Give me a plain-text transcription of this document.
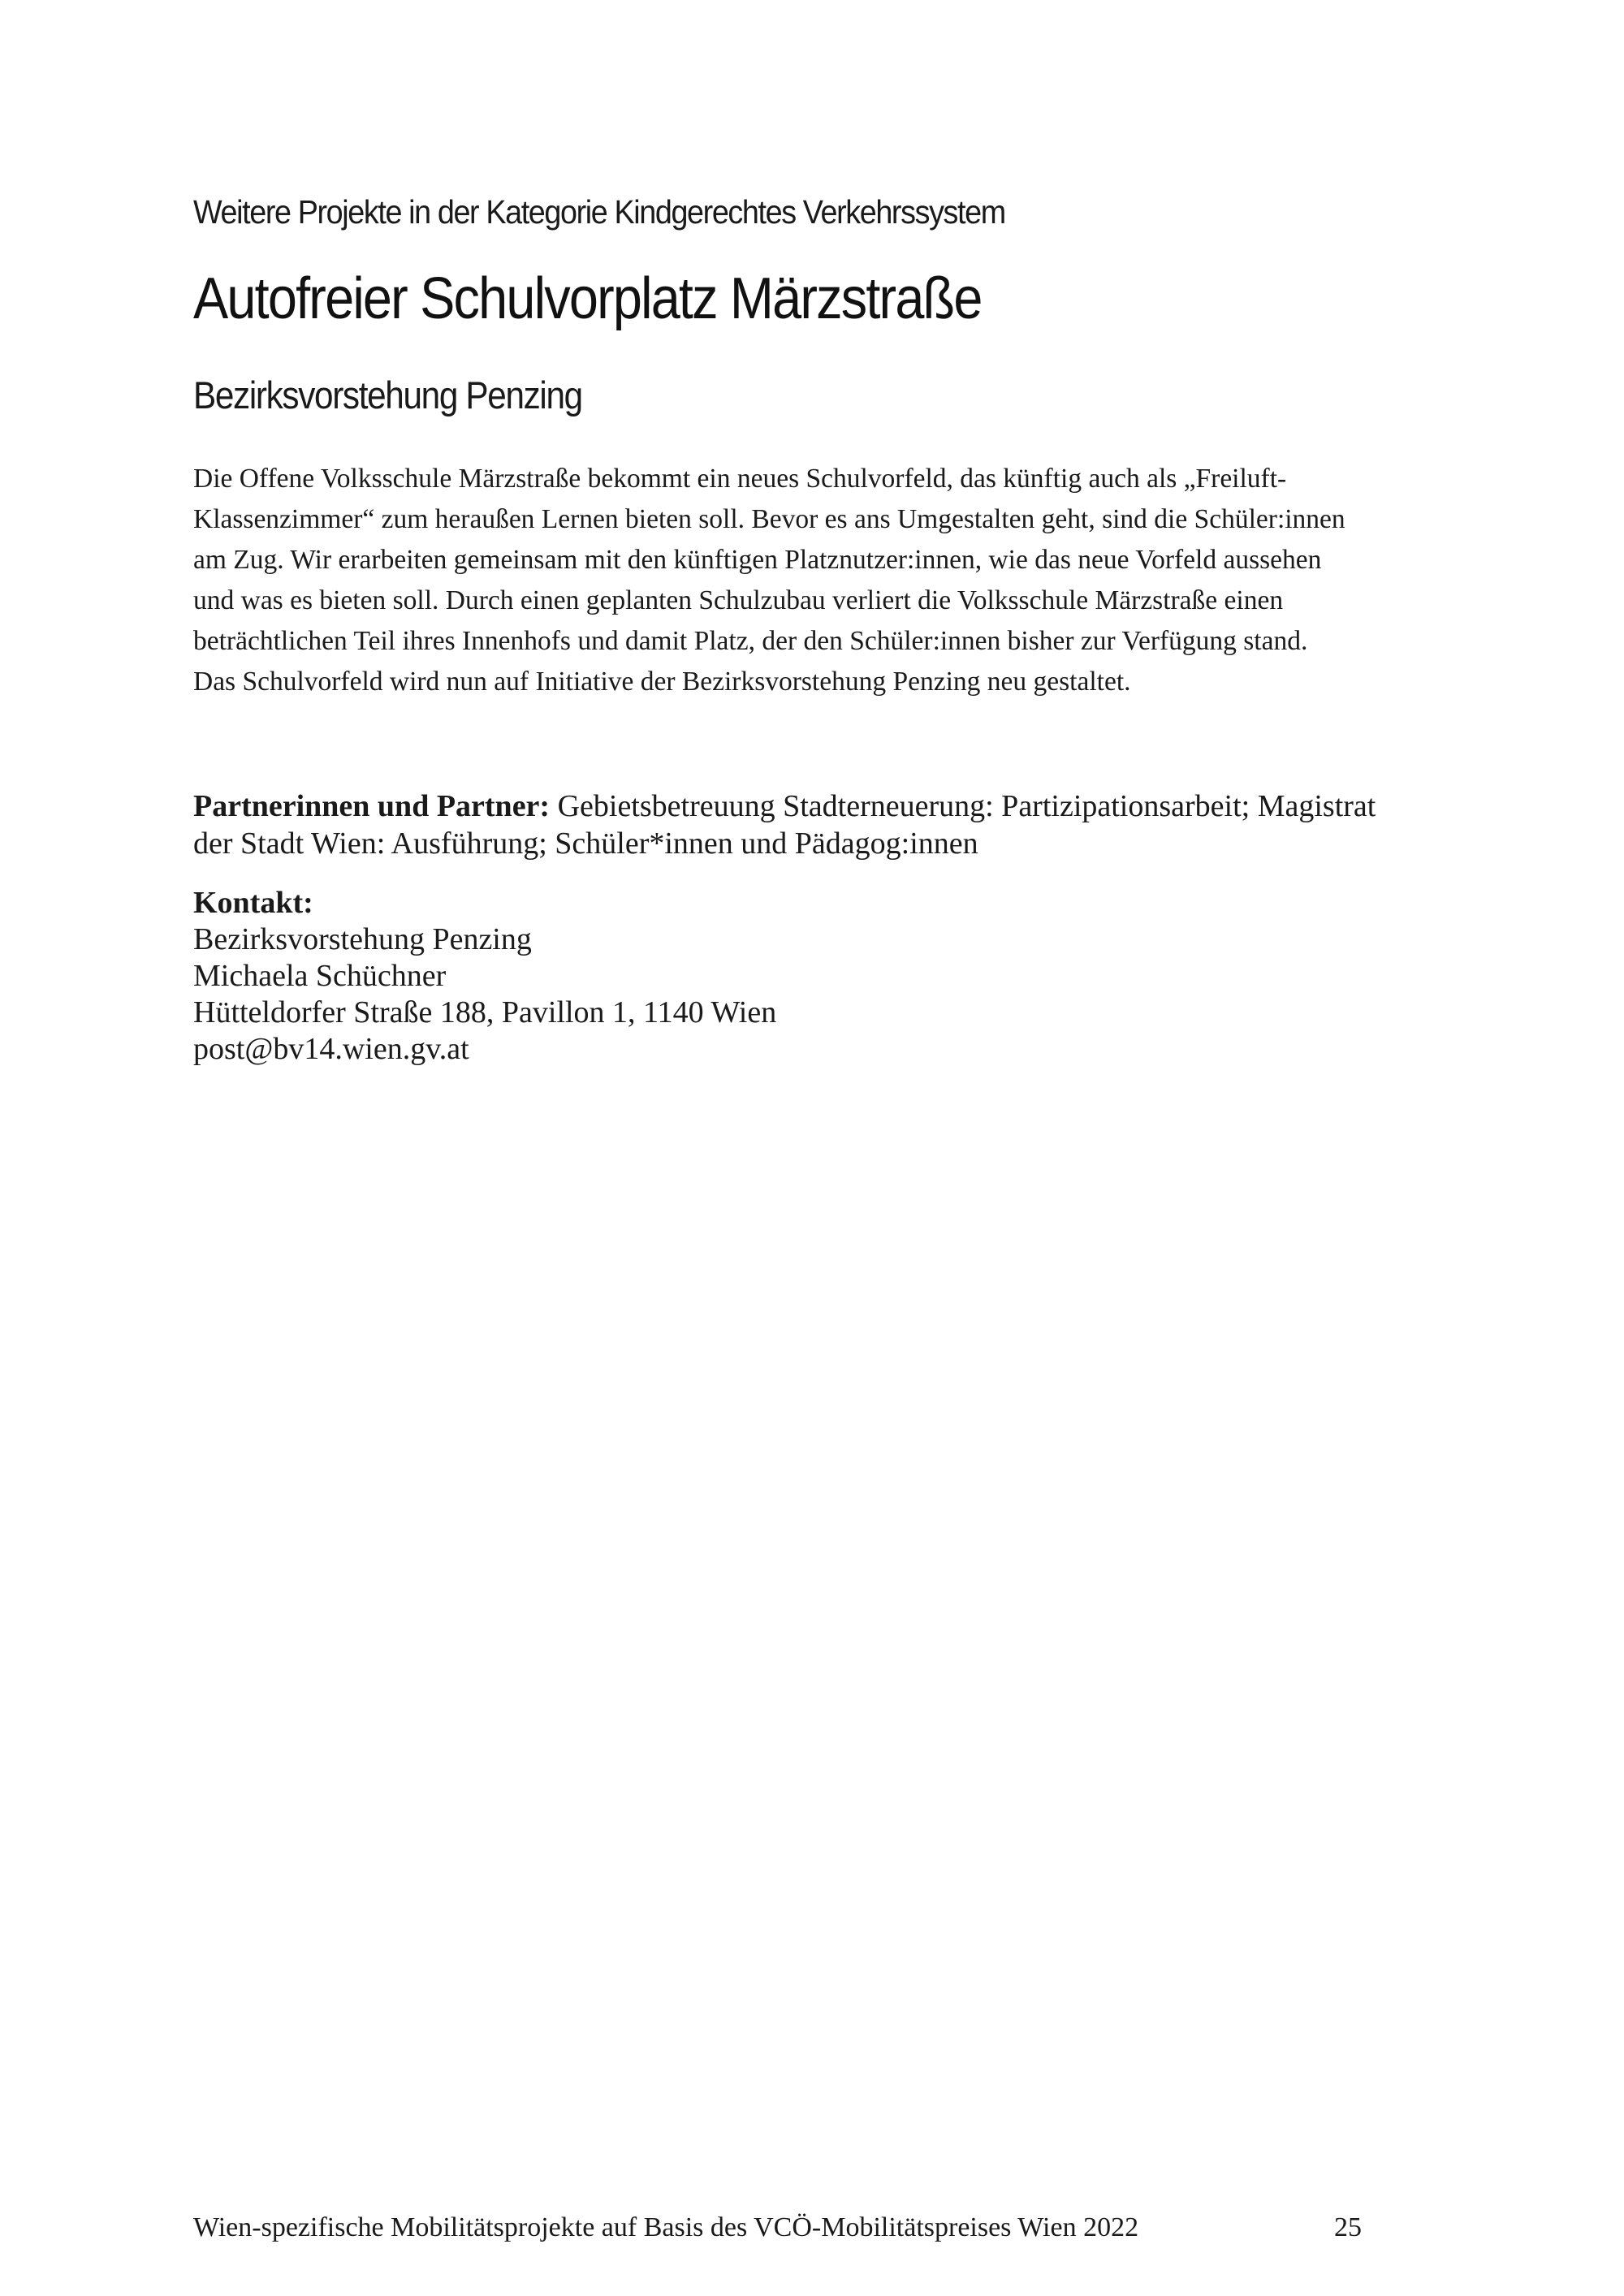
Weitere Projekte in der Kategorie Kindgerechtes Verkehrssystem
Autofreier Schulvorplatz Märzstraße
Bezirksvorstehung Penzing
Die Offene Volksschule Märzstraße bekommt ein neues Schulvorfeld, das künftig auch als „Freiluft-
Klassenzimmer“ zum heraußen Lernen bieten soll. Bevor es ans Umgestalten geht, sind die Schüler:innen
am Zug. Wir erarbeiten gemeinsam mit den künftigen Platznutzer:innen, wie das neue Vorfeld aussehen
und was es bieten soll. Durch einen geplanten Schulzubau verliert die Volksschule Märzstraße einen
beträchtlichen Teil ihres Innenhofs und damit Platz, der den Schüler:innen bisher zur Verfügung stand.
Das Schulvorfeld wird nun auf Initiative der Bezirksvorstehung Penzing neu gestaltet.
Partnerinnen und Partner: Gebietsbetreuung Stadterneuerung: Partizipationsarbeit; Magistrat
der Stadt Wien: Ausführung; Schüler*innen und Pädagog:innen
Kontakt:
Bezirksvorstehung Penzing
Michaela Schüchner
Hütteldorfer Straße 188, Pavillon 1, 1140 Wien
post@bv14.wien.gv.at
Wien-spezifische Mobilitätsprojekte auf Basis des VCÖ-Mobilitätspreises Wien 2022	25
